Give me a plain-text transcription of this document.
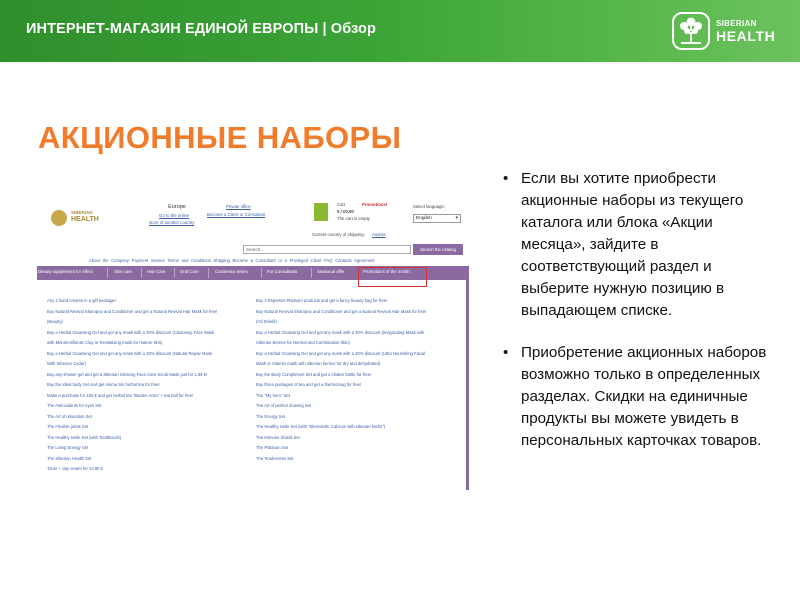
ИНТЕРНЕТ-МАГАЗИН ЕДИНОЙ ЕВРОПЫ | Обзор	SIBERIAN
HEALTH
АКЦИОННЫЕ НАБОРЫ
SIBERIAN
HEALTH
Europe
Go to the online
store of another country
Private office
Become a Client or Consultant
Cart	Promotions!
0 / €0,00
The cart is empty
Current country of shipping: Austria
Select language:
English ▾
Search...	Search the catalog
About the Company Payment Service Terms and Conditions Shipping Become a Consultant or a Privileged Client FAQ Contacts Agreement
Dietary supplement for effect	Skin care	Hair Care	Oral Care	Cosmetics series	For Consultants	Seasonal offer	Promotions of the month
Any 2 hand creams in a gift package!
Buy Natural Revival Shampoo and Conditioner and get a Natural Revival Hair Mask for free!
(Beauty)
Buy a Herbal Cleansing Gel and get any mask with a 30% discount (Cleansing Face Mask
with Montmorillonite Clay or Revitalizing mask for mature skin)
Buy a Herbal Cleansing Gel and get any mask with a 30% discount (Natural Repair Mask
With Siberian Cedar)
Buy any shower gel and get a Siberian Ginseng Face Care Scrub Mask just for 1,99 €!
Buy the Ideal body Set and get Anima Sin herbal tea for free!
Make a purchase for 150 € and get herbal tea "Baelen Anim" + tea ball for free!
The Antioxidants for eyes Set
The Art of relaxation Set
The Flexible joints Set
The Healthy smile Set (with Toothbrush)
The Living Energy Set
The Siberian Health Set
Toner + day cream for 14,80 €
Buy 2 Espresso Platinum products and get a fancy beauty bag for free!
Buy Natural Revival Shampoo and Conditioner and get a Natural Revival Hair Mask for free!
(Oil Shield)
Buy a Herbal Cleansing Gel and get any mask with a 30% discount (Invigorating Mask with
Siberian Berries for Normal and Combination Skin)
Buy a Herbal Cleansing Gel and get any mask with a 30% discount (Ultra Nourishing Facial
Mask or Vitamin mask with siberian berries for dry and dehydrated)
Buy the Body Compliment Set and get a shaker bottle for free!
Buy three packages of tea and get a thermomug for free!
The "My hero" Set
The Art of perfect shaving Set
The Energy Set
The Healthy smile Set (with "Elemvitals. Calcium with siberian herbs")
The Immune Shield Set
The Platinum Set
The Tenderness Set
• Если вы хотите приобрести акционные наборы из текущего каталога или блока «Акции месяца», зайдите в соответствующий раздел и выберите нужную позицию в выпадающем списке.
• Приобретение акционных наборов возможно только в определенных разделах. Скидки на единичные продукты вы можете увидеть в персональных карточках товаров.
